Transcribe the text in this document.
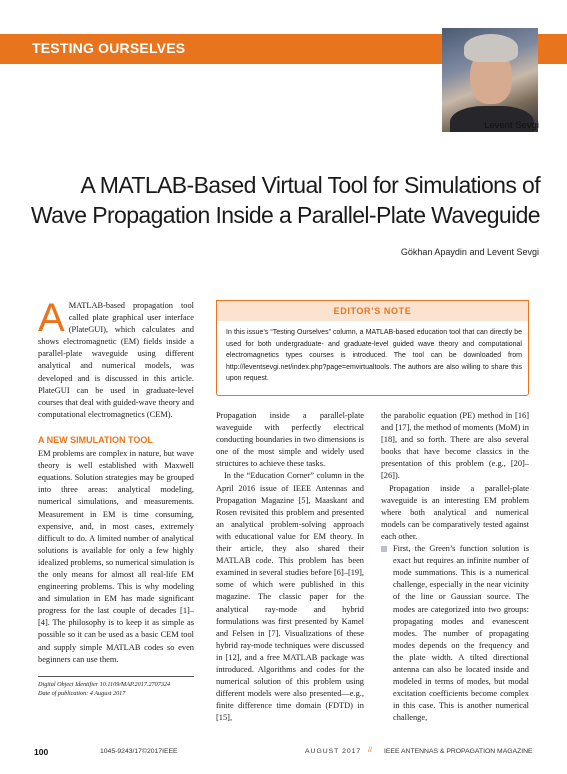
TESTING OURSELVES
Levent Sevgi
A MATLAB-Based Virtual Tool for Simulations of
Wave Propagation Inside a Parallel-Plate Waveguide
Gökhan Apaydin and Levent Sevgi
A MATLAB-based propagation tool called plate graphical user interface (PlateGUI), which calculates and shows electromagnetic (EM) fields inside a parallel-plate waveguide using different analytical and numerical models, was developed and is discussed in this article. PlateGUI can be used in graduate-level courses that deal with guided-wave theory and computational electromagnetics (CEM).

A NEW SIMULATION TOOL

EM problems are complex in nature, but wave theory is well established with Maxwell equations. Solution strategies may be grouped into three areas: analytical modeling, numerical simulations, and measurements. Measurement in EM is time consuming, expensive, and, in most cases, extremely difficult to do. A limited number of analytical solutions is available for only a few highly idealized problems, so numerical simulation is the only means for almost all real-life EM engineering problems. This is why modeling and simulation in EM has made significant progress for the last couple of decades [1]–[4]. The philosophy is to keep it as simple as possible so it can be used as a basic CEM tool and supply simple MATLAB codes so even beginners can use them.

EDITOR’S NOTE
In this issue’s “Testing Ourselves” column, a MATLAB-based education tool that can directly be used for both undergraduate- and graduate-level guided wave theory and computational electromagnetics types courses is introduced. The tool can be downloaded from http://leventsevgi.net/index.php?page=emvirtualtools. The authors are also willing to share this upon request.

Propagation inside a parallel-plate waveguide with perfectly electrical conducting boundaries in two dimensions is one of the most simple and widely used structures to achieve these tasks.

In the “Education Corner” column in the April 2016 issue of IEEE Antennas and Propagation Magazine [5], Maaskant and Rosen revisited this problem and presented an analytical problem-solving approach with educational value for EM theory. In their article, they also shared their MATLAB code. This problem has been examined in several studies before [6]–[19], some of which were published in this magazine. The classic paper for the analytical ray-mode and hybrid formulations was first presented by Kamel and Felsen in [7]. Visualizations of these hybrid ray-mode techniques were discussed in [12], and a free MATLAB package was introduced. Algorithms and codes for the numerical solution of this problem using different models were also presented—e.g., finite difference time domain (FDTD) in [15],

the parabolic equation (PE) method in [16] and [17], the method of moments (MoM) in [18], and so forth. There are also several books that have become classics in the presentation of this problem (e.g., [20]–[26]).

Propagation inside a parallel-plate waveguide is an interesting EM problem where both analytical and numerical models can be comparatively tested against each other.

First, the Green’s function solution is exact but requires an infinite number of mode summations. This is a numerical challenge, especially in the near vicinity of the line or Gaussian source. The modes are categorized into two groups: propagating modes and evanescent modes. The number of propagating modes depends on the frequency and the plate width. A tilted directional antenna can also be located inside and modeled in terms of modes, but modal excitation coefficients become complex in this case. This is another numerical challenge,

Digital Object Identifier 10.1109/MAP.2017.2707324
Date of publication: 4 August 2017
100	1045-9243/17©2017IEEE	AUGUST 2017 // IEEE ANTENNAS & PROPAGATION MAGAZINE
